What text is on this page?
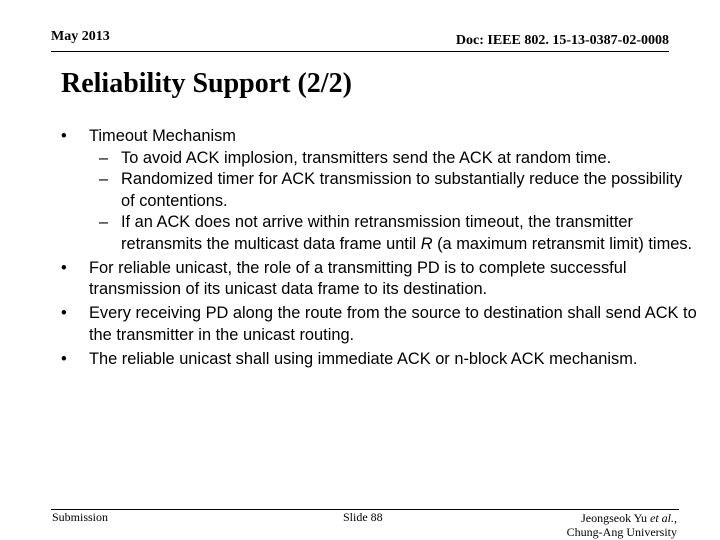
May 2013	Doc: IEEE 802. 15-13-0387-02-0008
Reliability Support (2/2)
• Timeout Mechanism
– To avoid ACK implosion, transmitters send the ACK at random time.
– Randomized timer for ACK transmission to substantially reduce the possibility of contentions.
– If an ACK does not arrive within retransmission timeout, the transmitter retransmits the multicast data frame until R (a maximum retransmit limit) times.
• For reliable unicast, the role of a transmitting PD is to complete successful transmission of its unicast data frame to its destination.
• Every receiving PD along the route from the source to destination shall send ACK to the transmitter in the unicast routing.
• The reliable unicast shall using immediate ACK or n-block ACK mechanism.
Submission	Slide 88	Jeongseok Yu et al.,
Chung-Ang University
